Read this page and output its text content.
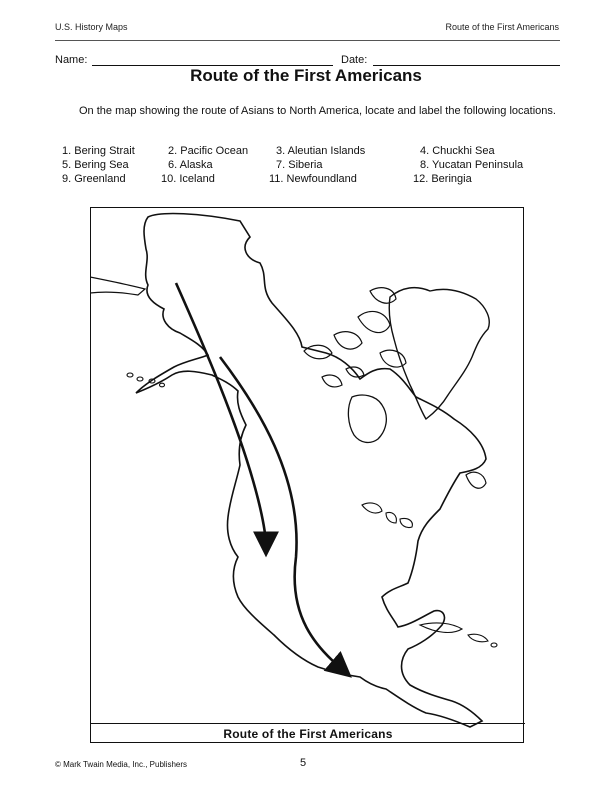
U.S. History Maps	Route of the First Americans
Name:	Date:
Route of the First Americans
On the map showing the route of Asians to North America, locate and label the following locations.
1. Bering Strait	2. Pacific Ocean	3. Aleutian Islands	4. Chuckhi Sea
5. Bering Sea	6. Alaska	7. Siberia	8. Yucatan Peninsula
9. Greenland	10. Iceland	11. Newfoundland	12. Beringia
Route of the First Americans
© Mark Twain Media, Inc., Publishers	5
